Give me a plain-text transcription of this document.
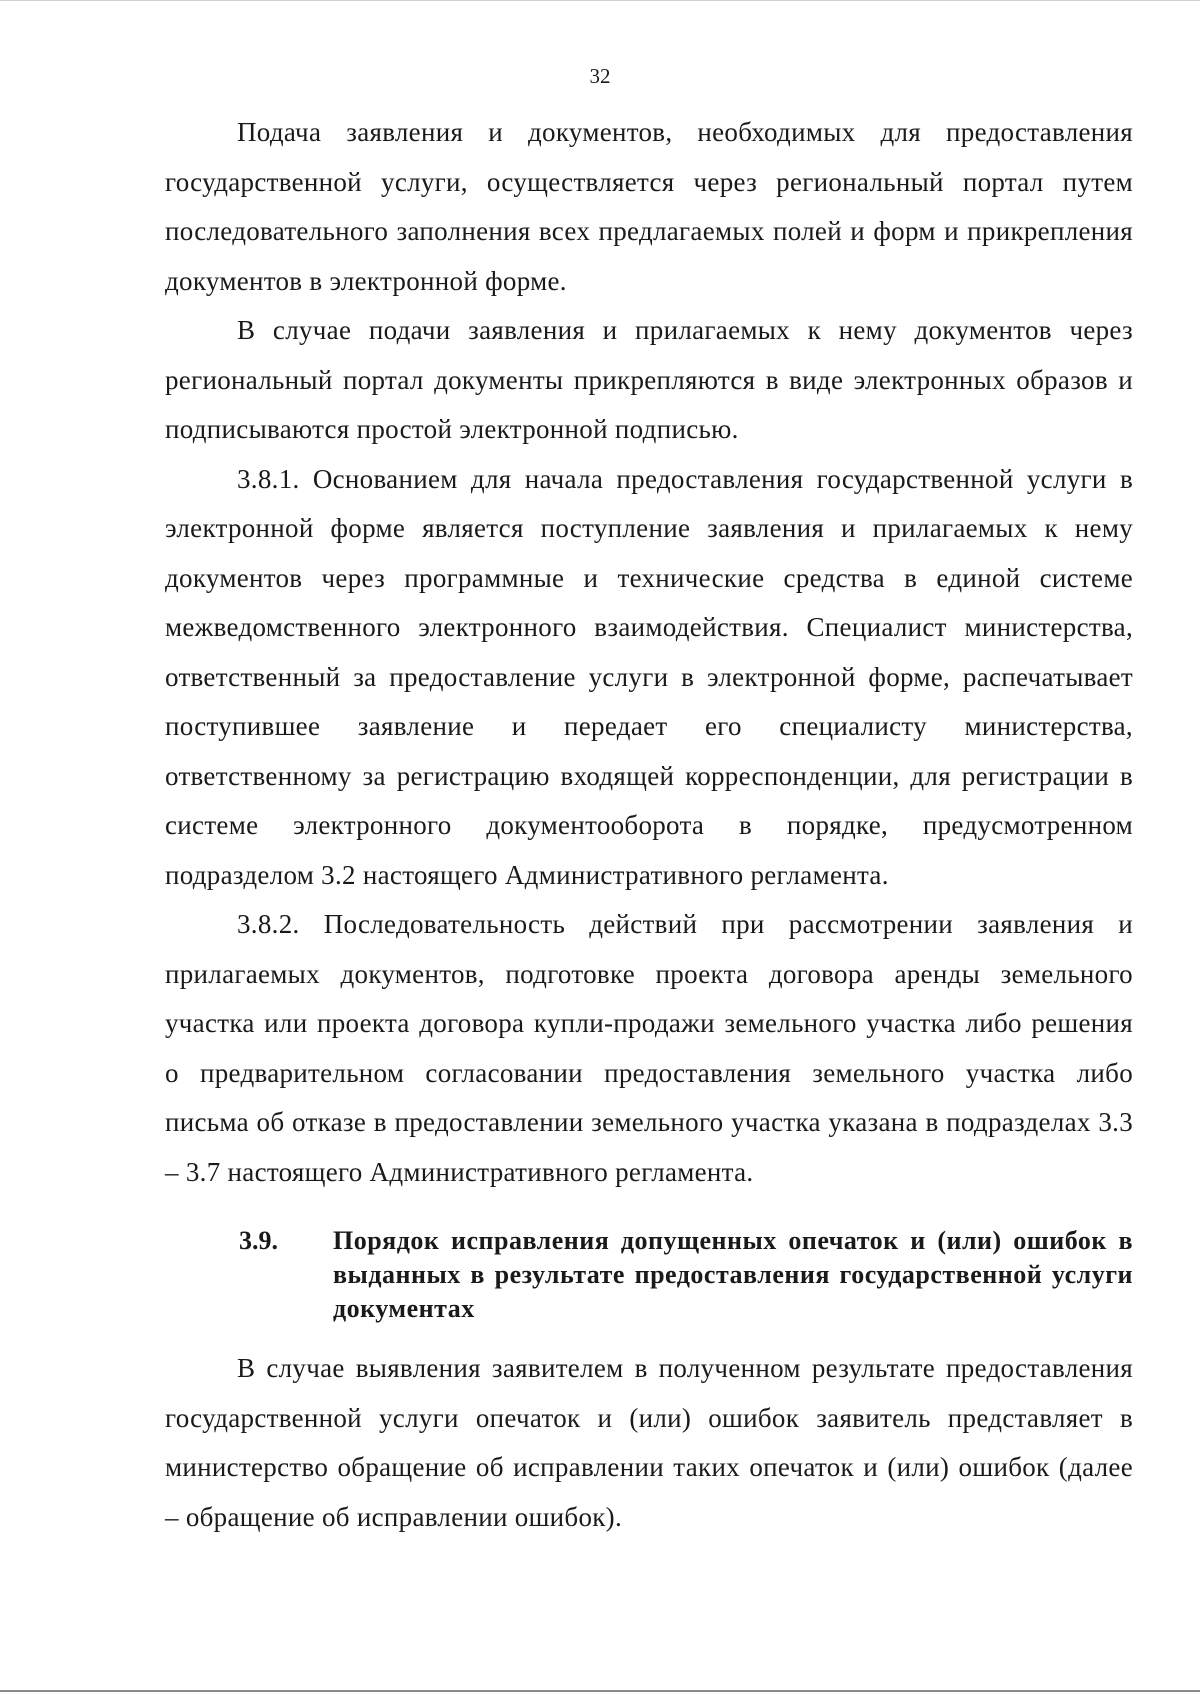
32

Подача заявления и документов, необходимых для предоставления государственной услуги, осуществляется через региональный портал путем последовательного заполнения всех предлагаемых полей и форм и прикрепления документов в электронной форме.

В случае подачи заявления и прилагаемых к нему документов через региональный портал документы прикрепляются в виде электронных образов и подписываются простой электронной подписью.

3.8.1. Основанием для начала предоставления государственной услуги в электронной форме является поступление заявления и прилагаемых к нему документов через программные и технические средства в единой системе межведомственного электронного взаимодействия. Специалист министерства, ответственный за предоставление услуги в электронной форме, распечатывает поступившее заявление и передает его специалисту министерства, ответственному за регистрацию входящей корреспонденции, для регистрации в системе электронного документооборота в порядке, предусмотренном подразделом 3.2 настоящего Административного регламента.

3.8.2. Последовательность действий при рассмотрении заявления и прилагаемых документов, подготовке проекта договора аренды земельного участка или проекта договора купли-продажи земельного участка либо решения о предварительном согласовании предоставления земельного участка либо письма об отказе в предоставлении земельного участка указана в подразделах 3.3 – 3.7 настоящего Административного регламента.

3.9.	Порядок исправления допущенных опечаток и (или) ошибок в выданных в результате предоставления государственной услуги документах

В случае выявления заявителем в полученном результате предоставления государственной услуги опечаток и (или) ошибок заявитель представляет в министерство обращение об исправлении таких опечаток и (или) ошибок (далее – обращение об исправлении ошибок).
